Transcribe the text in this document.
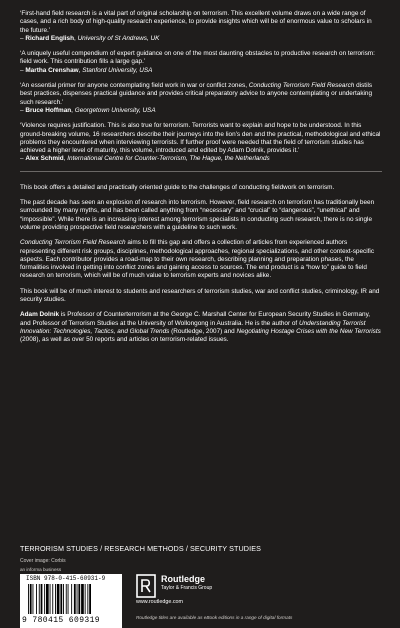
‘First-hand field research is a vital part of original scholarship on terrorism. This excellent volume draws on a wide range of cases, and a rich body of high-quality research experience, to provide insights which will be of enormous value to scholars in the future.’
– Richard English, University of St Andrews, UK

‘A uniquely useful compendium of expert guidance on one of the most daunting obstacles to productive research on terrorism: field work. This contribution fills a large gap.’
– Martha Crenshaw, Stanford University, USA

‘An essential primer for anyone contemplating field work in war or conflict zones, Conducting Terrorism Field Research distils best practices, dispenses practical guidance and provides critical preparatory advice to anyone contemplating or undertaking such research.’
– Bruce Hoffman, Georgetown University, USA

‘Violence requires justification. This is also true for terrorism. Terrorists want to explain and hope to be understood. In this ground-breaking volume, 16 researchers describe their journeys into the lion’s den and the practical, methodological and ethical problems they encountered when interviewing terrorists. If further proof were needed that the field of terrorism studies has achieved a higher level of maturity, this volume, introduced and edited by Adam Dolnik, provides it.’
– Alex Schmid, International Centre for Counter-Terrorism, The Hague, the Netherlands

This book offers a detailed and practically oriented guide to the challenges of conducting fieldwork on terrorism.

The past decade has seen an explosion of research into terrorism. However, field research on terrorism has traditionally been surrounded by many myths, and has been called anything from “necessary” and “crucial” to “dangerous”, “unethical” and “impossible”. While there is an increasing interest among terrorism specialists in conducting such research, there is no single volume providing prospective field researchers with a guideline to such work.

Conducting Terrorism Field Research aims to fill this gap and offers a collection of articles from experienced authors representing different risk groups, disciplines, methodological approaches, regional specializations, and other context-specific aspects. Each contributor provides a road-map to their own research, describing planning and preparation phases, the formalities involved in getting into conflict zones and gaining access to sources. The end product is a “how to” guide to field research on terrorism, which will be of much value to terrorism experts and novices alike.

This book will be of much interest to students and researchers of terrorism studies, war and conflict studies, criminology, IR and security studies.

Adam Dolnik is Professor of Counterterrorism at the George C. Marshall Center for European Security Studies in Germany, and Professor of Terrorism Studies at the University of Wollongong in Australia. He is the author of Understanding Terrorist Innovation: Technologies, Tactics, and Global Trends (Routledge, 2007) and Negotiating Hostage Crises with the New Terrorists (2008), as well as over 50 reports and articles on terrorism-related issues.

TERRORISM STUDIES / RESEARCH METHODS / SECURITY STUDIES
Cover image: Corbis
an informa business
ISBN 978-0-415-60931-9
9 780415 609319
Routledge
Taylor & Francis Group
www.routledge.com
Routledge titles are available as eBook editions in a range of digital formats
